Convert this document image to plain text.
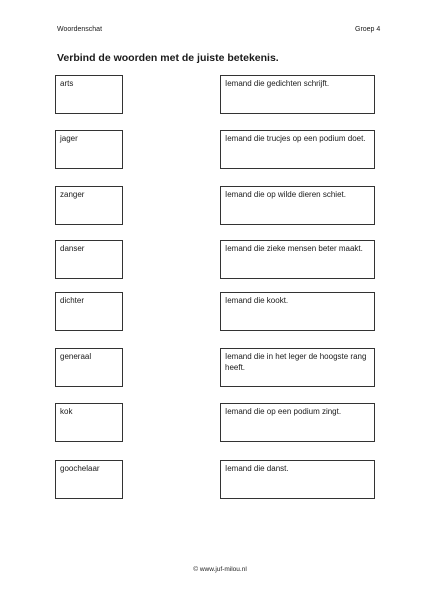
Woordenschat	Groep 4
Verbind de woorden met de juiste betekenis.
arts	Iemand die gedichten schrijft.
jager	Iemand die trucjes op een podium doet.
zanger	Iemand die op wilde dieren schiet.
danser	Iemand die zieke mensen beter maakt.
dichter	Iemand die kookt.
generaal	Iemand die in het leger de hoogste rang heeft.
kok	Iemand die op een podium zingt.
goochelaar	Iemand die danst.
© www.juf-milou.nl
